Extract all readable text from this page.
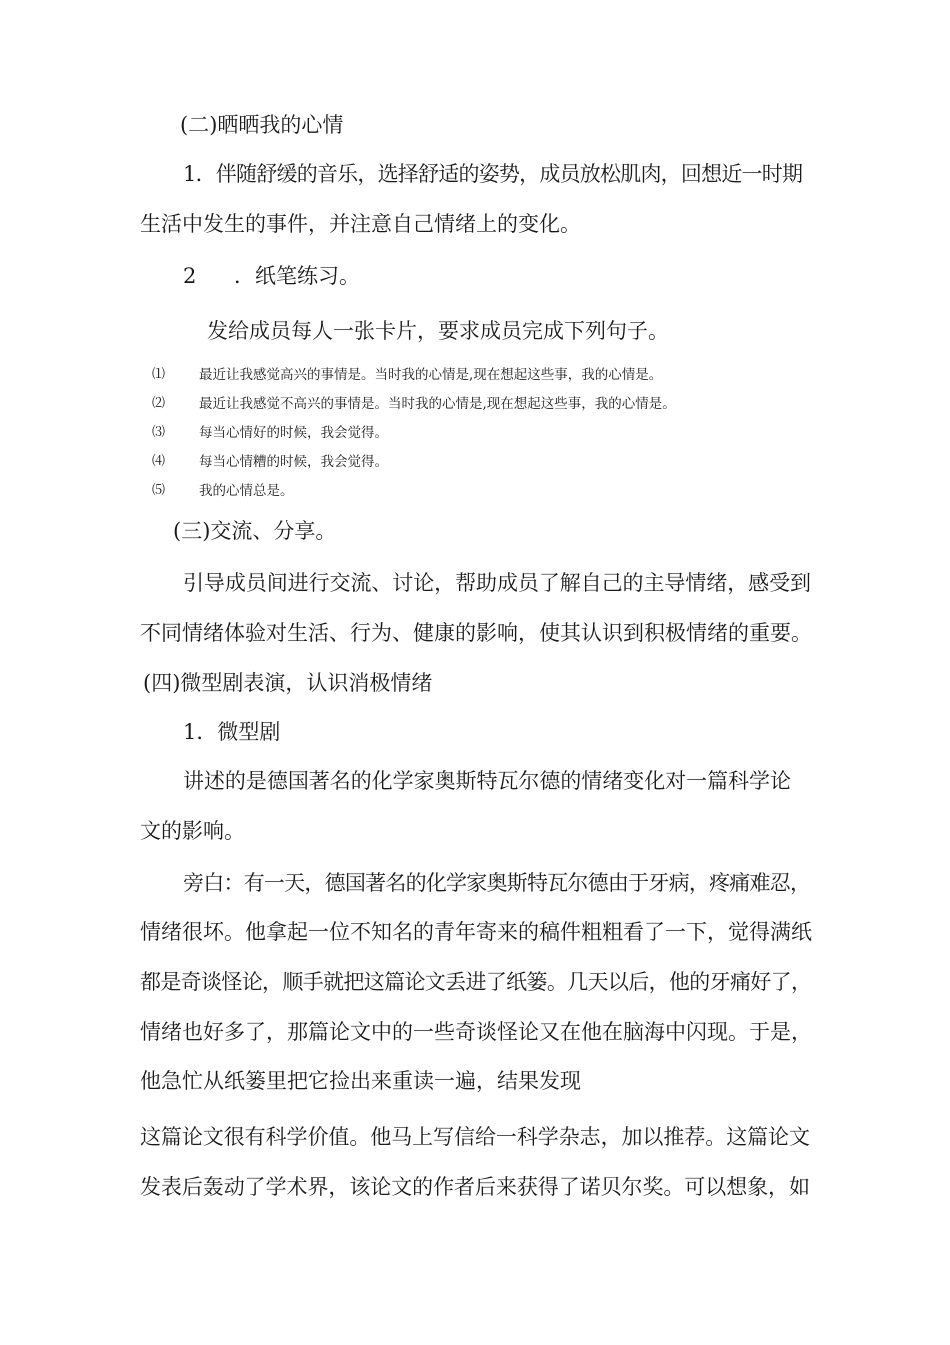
(二)晒晒我的心情
1．伴随舒缓的音乐，选择舒适的姿势，成员放松肌肉，回想近一时期
生活中发生的事件，并注意自己情绪上的变化。
2 ．纸笔练习。
发给成员每人一张卡片，要求成员完成下列句子。
⑴	最近让我感觉高兴的事情是。当时我的心情是,现在想起这些事，我的心情是。
⑵	最近让我感觉不高兴的事情是。当时我的心情是,现在想起这些事，我的心情是。
⑶	每当心情好的时候，我会觉得。
⑷	每当心情糟的时候，我会觉得。
⑸	我的心情总是。
(三)交流、分享。
引导成员间进行交流、讨论，帮助成员了解自己的主导情绪，感受到
不同情绪体验对生活、行为、健康的影响，使其认识到积极情绪的重要。
(四)微型剧表演，认识消极情绪
1．微型剧
讲述的是德国著名的化学家奥斯特瓦尔德的情绪变化对一篇科学论
文的影响。
旁白：有一天，德国著名的化学家奥斯特瓦尔德由于牙病，疼痛难忍，
情绪很坏。他拿起一位不知名的青年寄来的稿件粗粗看了一下，觉得满纸
都是奇谈怪论，顺手就把这篇论文丢进了纸篓。几天以后，他的牙痛好了，
情绪也好多了，那篇论文中的一些奇谈怪论又在他在脑海中闪现。于是，
他急忙从纸篓里把它捡出来重读一遍，结果发现
这篇论文很有科学价值。他马上写信给一科学杂志，加以推荐。这篇论文
发表后轰动了学术界，该论文的作者后来获得了诺贝尔奖。可以想象，如
